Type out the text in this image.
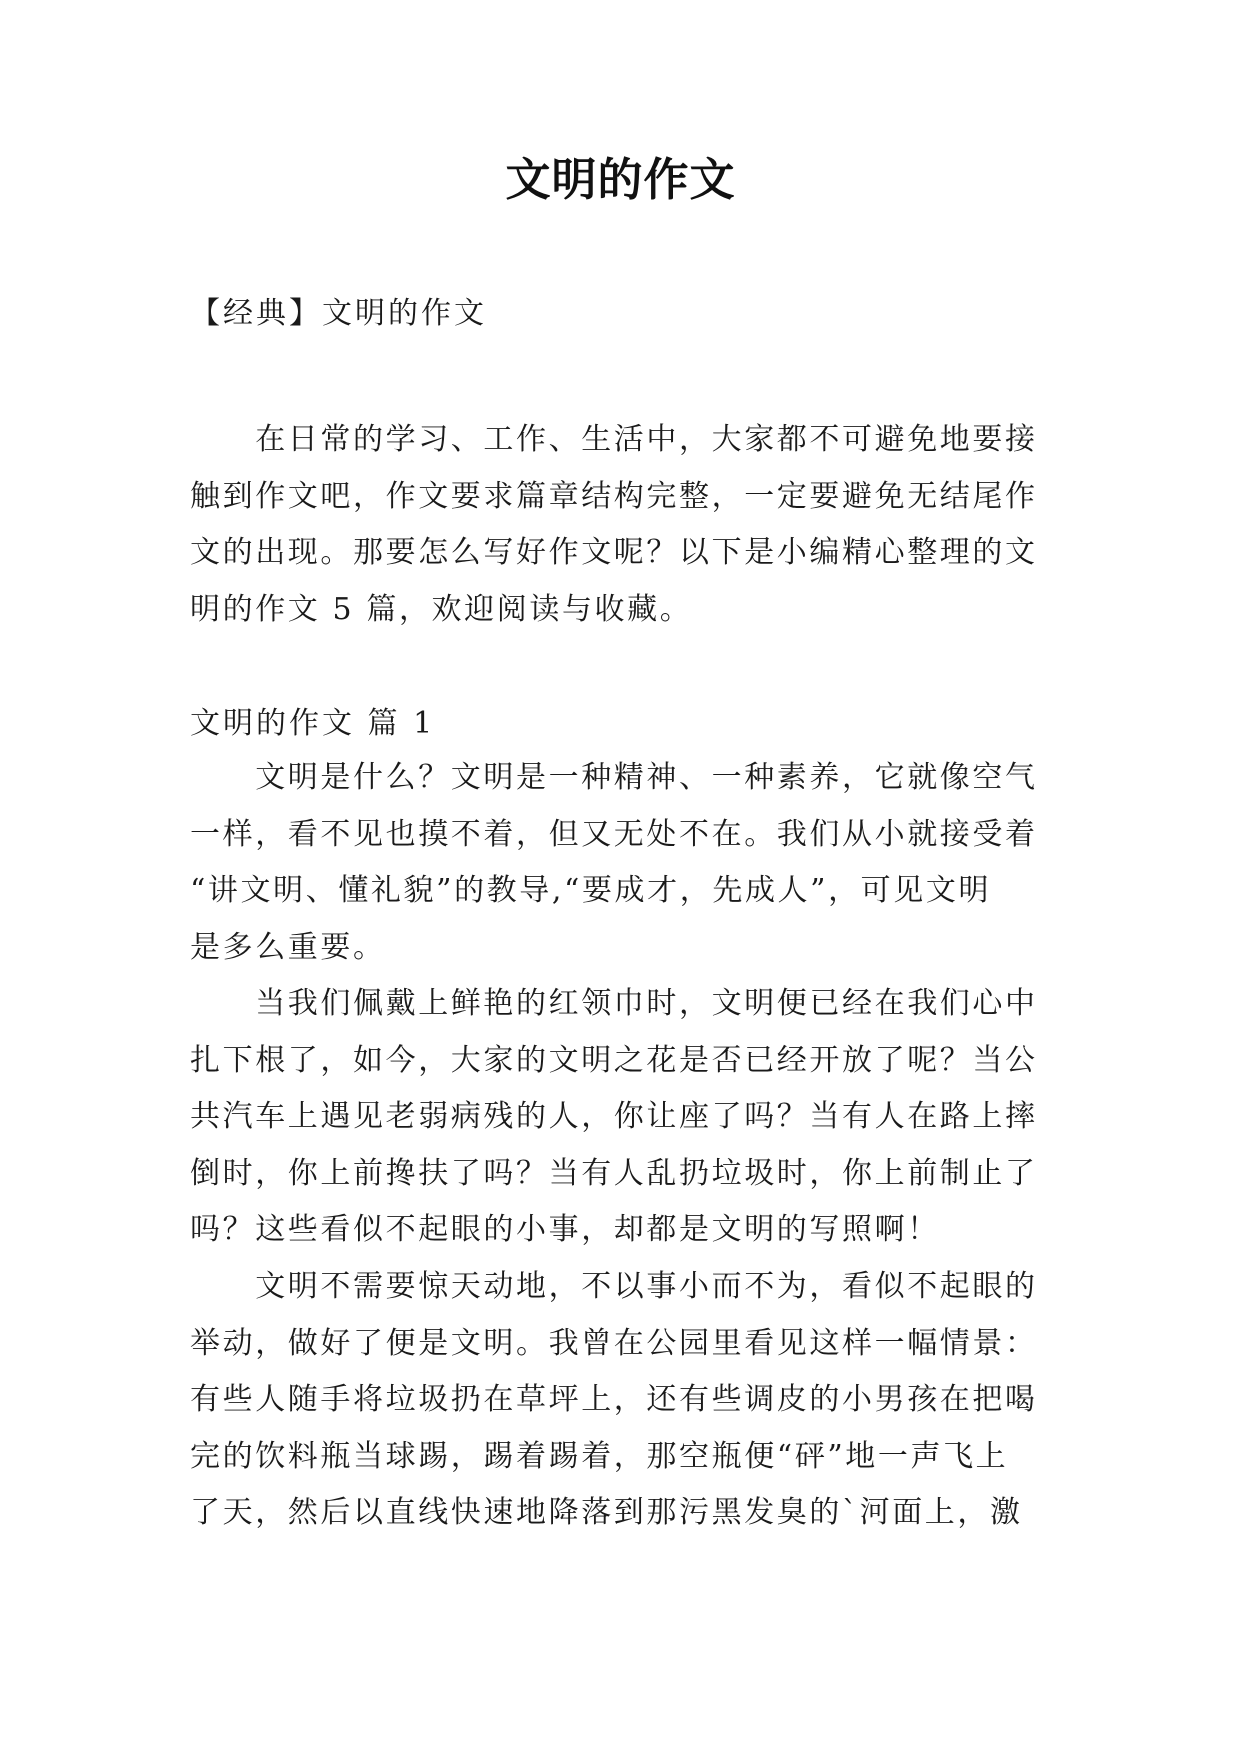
文明的作文
【经典】文明的作文
　　在日常的学习、工作、生活中，大家都不可避免地要接
触到作文吧，作文要求篇章结构完整，一定要避免无结尾作
文的出现。那要怎么写好作文呢？以下是小编精心整理的文
明的作文 5 篇，欢迎阅读与收藏。
文明的作文 篇 1
　　文明是什么？文明是一种精神、一种素养，它就像空气
一样，看不见也摸不着，但又无处不在。我们从小就接受着
“讲文明、懂礼貌”的教导,“要成才，先成人”，可见文明
是多么重要。
　　当我们佩戴上鲜艳的红领巾时，文明便已经在我们心中
扎下根了，如今，大家的文明之花是否已经开放了呢？当公
共汽车上遇见老弱病残的人，你让座了吗？当有人在路上摔
倒时，你上前搀扶了吗？当有人乱扔垃圾时，你上前制止了
吗？这些看似不起眼的小事，却都是文明的写照啊！
　　文明不需要惊天动地，不以事小而不为，看似不起眼的
举动，做好了便是文明。我曾在公园里看见这样一幅情景：
有些人随手将垃圾扔在草坪上，还有些调皮的小男孩在把喝
完的饮料瓶当球踢，踢着踢着，那空瓶便“砰”地一声飞上
了天，然后以直线快速地降落到那污黑发臭的`河面上，激
